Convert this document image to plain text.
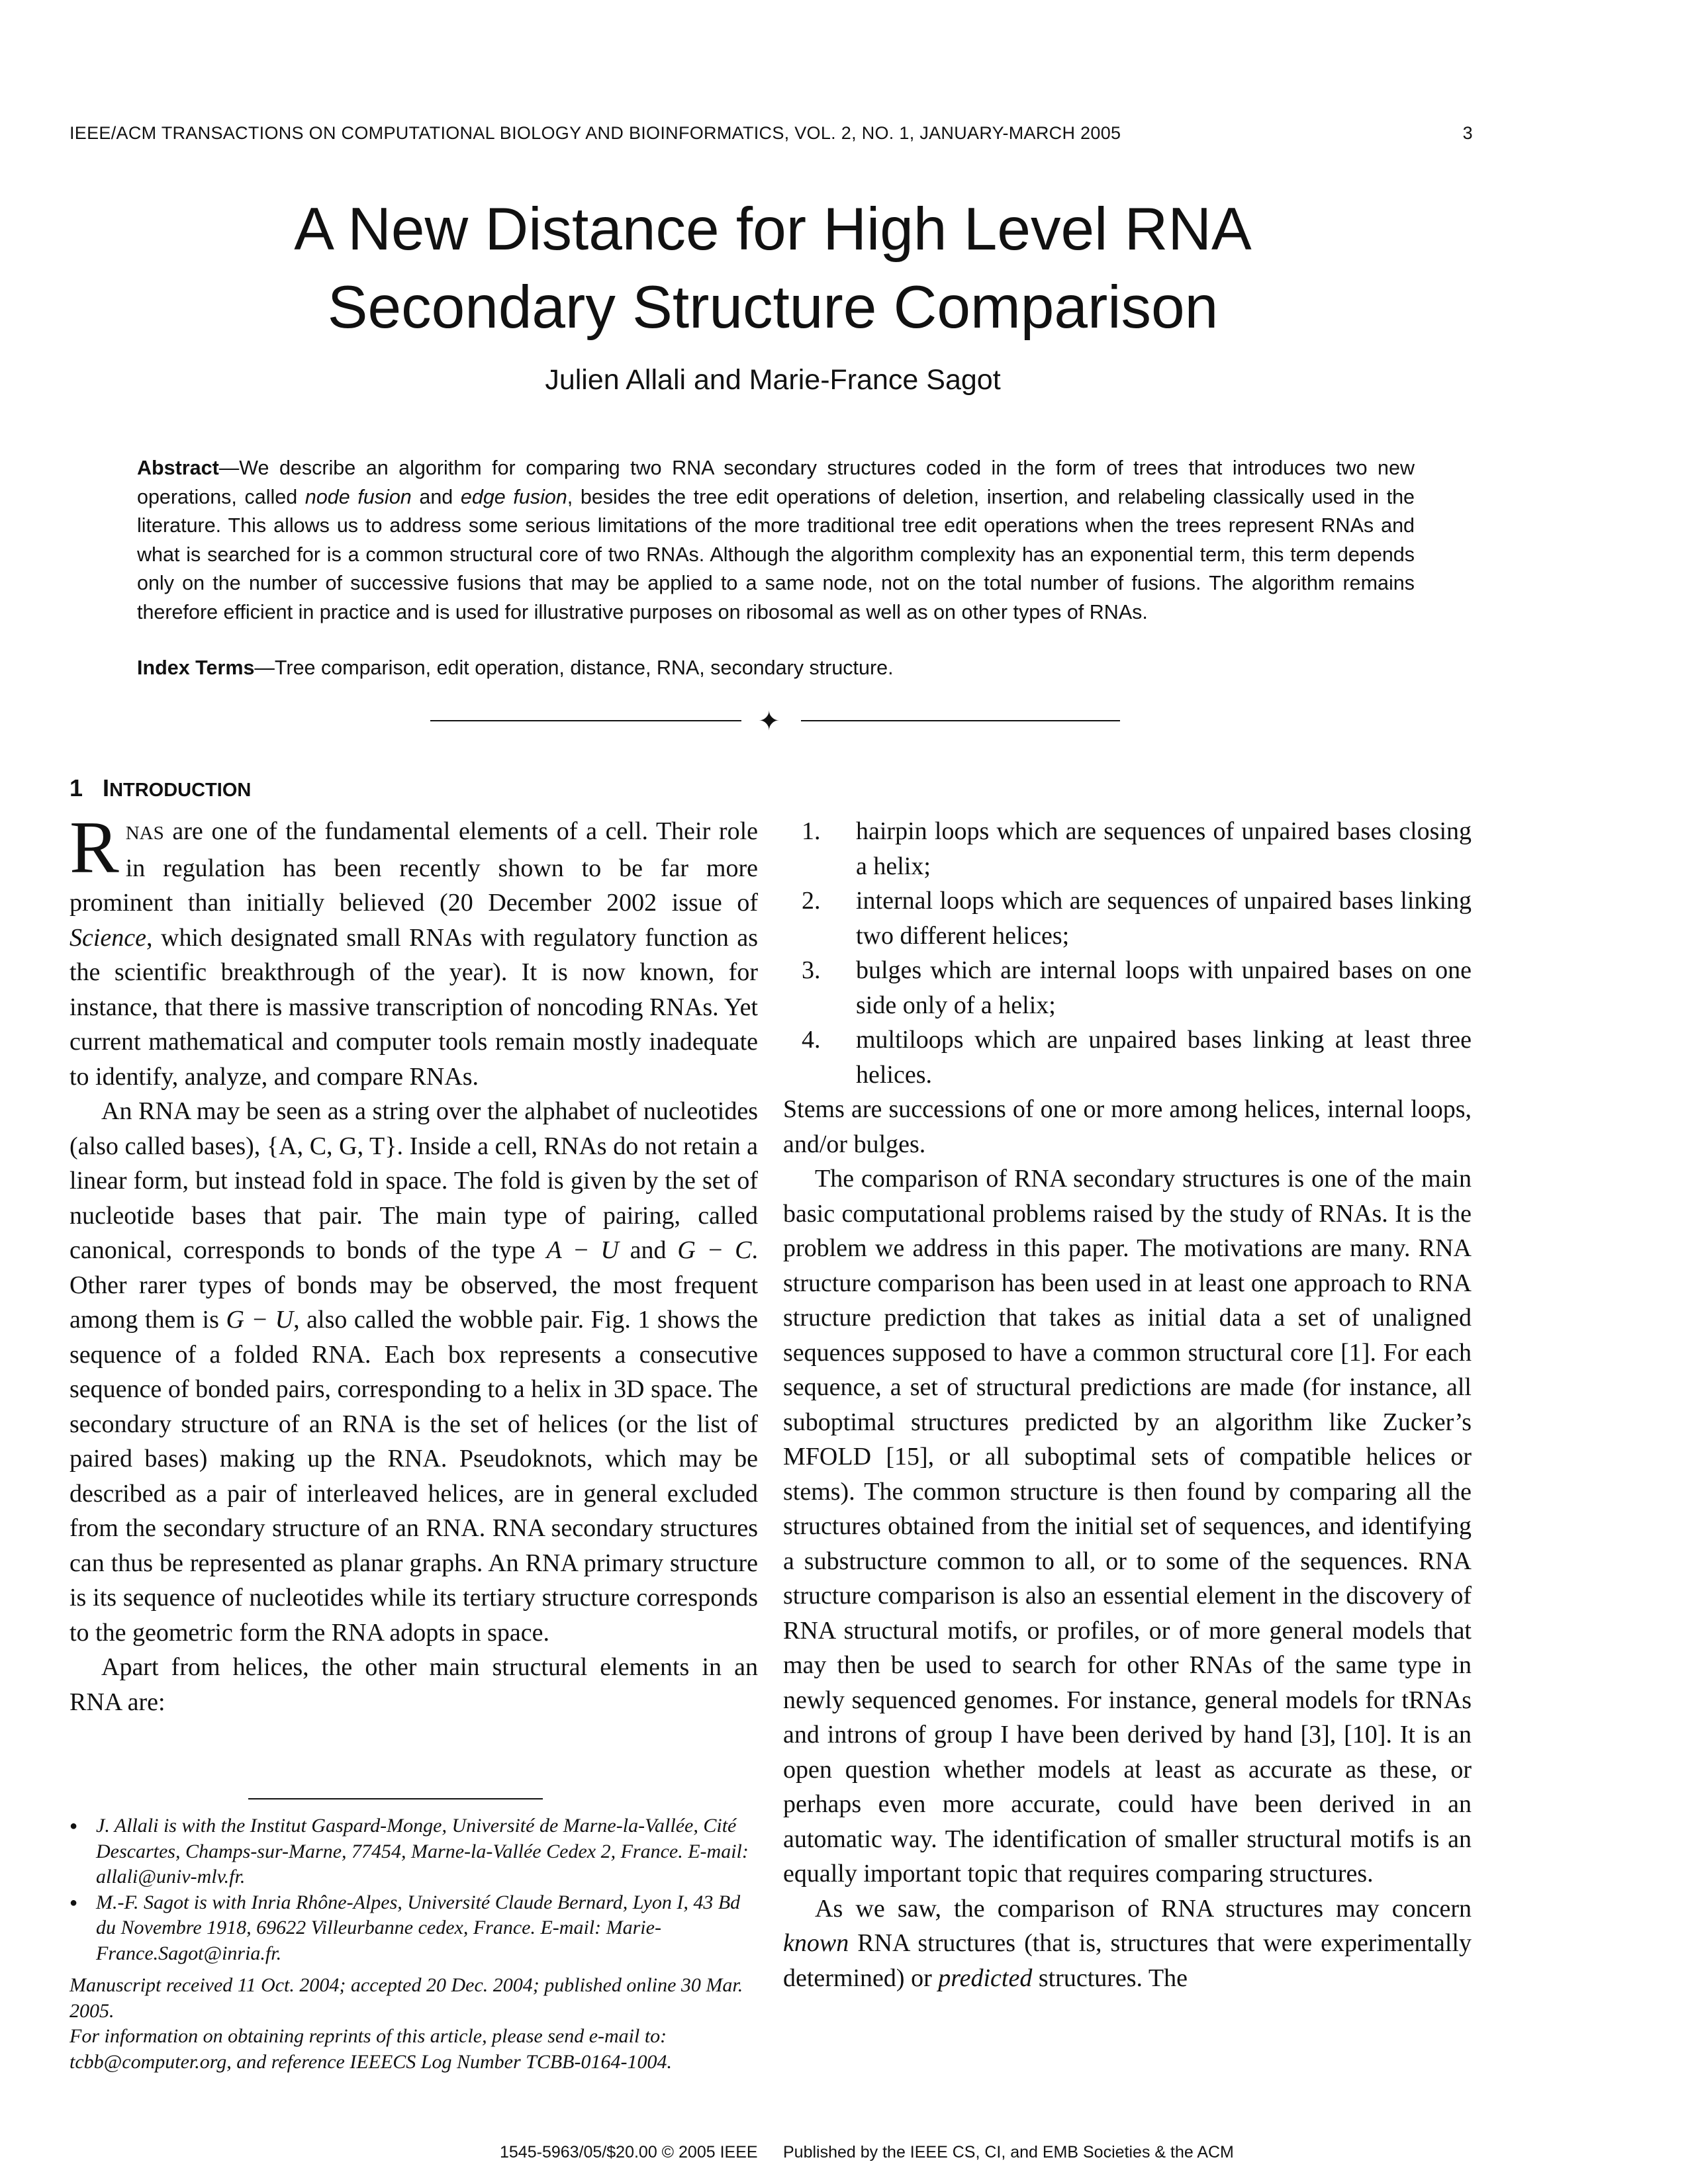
IEEE/ACM TRANSACTIONS ON COMPUTATIONAL BIOLOGY AND BIOINFORMATICS, VOL. 2, NO. 1, JANUARY-MARCH 2005	3
A New Distance for High Level RNA
Secondary Structure Comparison
Julien Allali and Marie-France Sagot
Abstract—We describe an algorithm for comparing two RNA secondary structures coded in the form of trees that introduces two new operations, called node fusion and edge fusion, besides the tree edit operations of deletion, insertion, and relabeling classically used in the literature. This allows us to address some serious limitations of the more traditional tree edit operations when the trees represent RNAs and what is searched for is a common structural core of two RNAs. Although the algorithm complexity has an exponential term, this term depends only on the number of successive fusions that may be applied to a same node, not on the total number of fusions. The algorithm remains therefore efficient in practice and is used for illustrative purposes on ribosomal as well as on other types of RNAs.
Index Terms—Tree comparison, edit operation, distance, RNA, secondary structure.
✦
1 INTRODUCTION

RNAS are one of the fundamental elements of a cell. Their role in regulation has been recently shown to be far more prominent than initially believed (20 December 2002 issue of Science, which designated small RNAs with regulatory function as the scientific breakthrough of the year). It is now known, for instance, that there is massive transcription of noncoding RNAs. Yet current mathematical and computer tools remain mostly inadequate to identify, analyze, and compare RNAs.

An RNA may be seen as a string over the alphabet of nucleotides (also called bases), {A, C, G, T}. Inside a cell, RNAs do not retain a linear form, but instead fold in space. The fold is given by the set of nucleotide bases that pair. The main type of pairing, called canonical, corresponds to bonds of the type A − U and G − C. Other rarer types of bonds may be observed, the most frequent among them is G − U, also called the wobble pair. Fig. 1 shows the sequence of a folded RNA. Each box represents a consecutive sequence of bonded pairs, corresponding to a helix in 3D space. The secondary structure of an RNA is the set of helices (or the list of paired bases) making up the RNA. Pseudoknots, which may be described as a pair of interleaved helices, are in general excluded from the secondary structure of an RNA. RNA secondary structures can thus be represented as planar graphs. An RNA primary structure is its sequence of nucleotides while its tertiary structure corresponds to the geometric form the RNA adopts in space.

Apart from helices, the other main structural elements in an RNA are:

● J. Allali is with the Institut Gaspard-Monge, Université de Marne-la-Vallée, Cité Descartes, Champs-sur-Marne, 77454, Marne-la-Vallée Cedex 2, France. E-mail: allali@univ-mlv.fr.
● M.-F. Sagot is with Inria Rhône-Alpes, Université Claude Bernard, Lyon I, 43 Bd du Novembre 1918, 69622 Villeurbanne cedex, France. E-mail: Marie-France.Sagot@inria.fr.

Manuscript received 11 Oct. 2004; accepted 20 Dec. 2004; published online 30 Mar. 2005.

For information on obtaining reprints of this article, please send e-mail to: tcbb@computer.org, and reference IEEECS Log Number TCBB-0164-1004.

1.	hairpin loops which are sequences of unpaired bases closing a helix;
2.	internal loops which are sequences of unpaired bases linking two different helices;
3.	bulges which are internal loops with unpaired bases on one side only of a helix;
4.	multiloops which are unpaired bases linking at least three helices.

Stems are successions of one or more among helices, internal loops, and/or bulges.

The comparison of RNA secondary structures is one of the main basic computational problems raised by the study of RNAs. It is the problem we address in this paper. The motivations are many. RNA structure comparison has been used in at least one approach to RNA structure prediction that takes as initial data a set of unaligned sequences supposed to have a common structural core [1]. For each sequence, a set of structural predictions are made (for instance, all suboptimal structures predicted by an algorithm like Zucker’s MFOLD [15], or all suboptimal sets of compatible helices or stems). The common structure is then found by comparing all the structures obtained from the initial set of sequences, and identifying a substructure common to all, or to some of the sequences. RNA structure comparison is also an essential element in the discovery of RNA structural motifs, or profiles, or of more general models that may then be used to search for other RNAs of the same type in newly sequenced genomes. For instance, general models for tRNAs and introns of group I have been derived by hand [3], [10]. It is an open question whether models at least as accurate as these, or perhaps even more accurate, could have been derived in an automatic way. The identification of smaller structural motifs is an equally important topic that requires comparing structures.

As we saw, the comparison of RNA structures may concern known RNA structures (that is, structures that were experimentally determined) or predicted structures. The

1545-5963/05/$20.00 © 2005 IEEE Published by the IEEE CS, CI, and EMB Societies & the ACM
